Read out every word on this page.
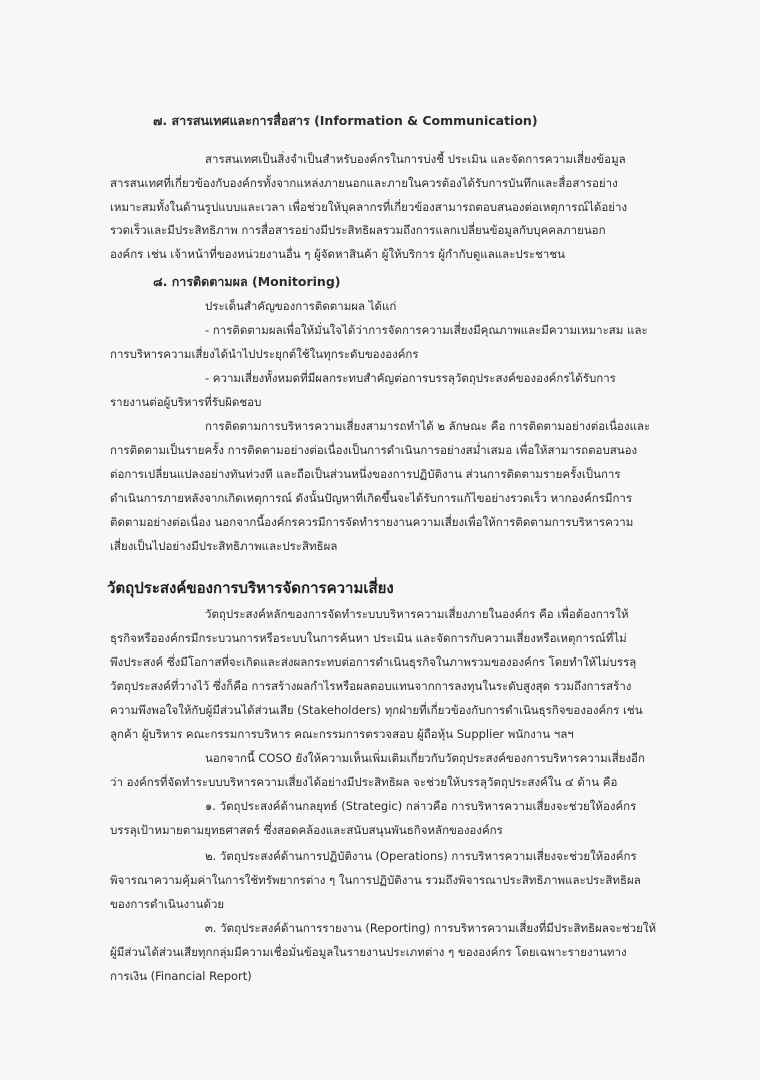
๗. สารสนเทศและการสื่อสาร (Information & Communication)
สารสนเทศเป็นสิ่งจำเป็นสำหรับองค์กรในการบ่งชี้ ประเมิน และจัดการความเสี่ยงข้อมูล
สารสนเทศที่เกี่ยวข้องกับองค์กรทั้งจากแหล่งภายนอกและภายในควรต้องได้รับการบันทึกและสื่อสารอย่าง
เหมาะสมทั้งในด้านรูปแบบและเวลา เพื่อช่วยให้บุคลากรที่เกี่ยวข้องสามารถตอบสนองต่อเหตุการณ์ได้อย่าง
รวดเร็วและมีประสิทธิภาพ การสื่อสารอย่างมีประสิทธิผลรวมถึงการแลกเปลี่ยนข้อมูลกับบุคคลภายนอก
องค์กร เช่น เจ้าหน้าที่ของหน่วยงานอื่น ๆ ผู้จัดหาสินค้า ผู้ให้บริการ ผู้กำกับดูแลและประชาชน
๘. การติดตามผล (Monitoring)
ประเด็นสำคัญของการติดตามผล ได้แก่
- การติดตามผลเพื่อให้มั่นใจได้ว่าการจัดการความเสี่ยงมีคุณภาพและมีความเหมาะสม และ
การบริหารความเสี่ยงได้นำไปประยุกต์ใช้ในทุกระดับขององค์กร
- ความเสี่ยงทั้งหมดที่มีผลกระทบสำคัญต่อการบรรลุวัตถุประสงค์ขององค์กรได้รับการ
รายงานต่อผู้บริหารที่รับผิดชอบ
การติดตามการบริหารความเสี่ยงสามารถทำได้ ๒ ลักษณะ คือ การติดตามอย่างต่อเนื่องและ
การติดตามเป็นรายครั้ง การติดตามอย่างต่อเนื่องเป็นการดำเนินการอย่างสม่ำเสมอ เพื่อให้สามารถตอบสนอง
ต่อการเปลี่ยนแปลงอย่างทันท่วงที และถือเป็นส่วนหนึ่งของการปฏิบัติงาน ส่วนการติดตามรายครั้งเป็นการ
ดำเนินการภายหลังจากเกิดเหตุการณ์ ดังนั้นปัญหาที่เกิดขึ้นจะได้รับการแก้ไขอย่างรวดเร็ว หากองค์กรมีการ
ติดตามอย่างต่อเนื่อง นอกจากนี้องค์กรควรมีการจัดทำรายงานความเสี่ยงเพื่อให้การติดตามการบริหารความ
เสี่ยงเป็นไปอย่างมีประสิทธิภาพและประสิทธิผล
วัตถุประสงค์ของการบริหารจัดการความเสี่ยง
วัตถุประสงค์หลักของการจัดทำระบบบริหารความเสี่ยงภายในองค์กร คือ เพื่อต้องการให้
ธุรกิจหรือองค์กรมีกระบวนการหรือระบบในการค้นหา ประเมิน และจัดการกับความเสี่ยงหรือเหตุการณ์ที่ไม่
พึงประสงค์ ซึ่งมีโอกาสที่จะเกิดและส่งผลกระทบต่อการดำเนินธุรกิจในภาพรวมขององค์กร โดยทำให้ไม่บรรลุ
วัตถุประสงค์ที่วางไว้ ซึ่งก็คือ การสร้างผลกำไรหรือผลตอบแทนจากการลงทุนในระดับสูงสุด รวมถึงการสร้าง
ความพึงพอใจให้กับผู้มีส่วนได้ส่วนเสีย (Stakeholders) ทุกฝ่ายที่เกี่ยวข้องกับการดำเนินธุรกิจขององค์กร เช่น
ลูกค้า ผู้บริหาร คณะกรรมการบริหาร คณะกรรมการตรวจสอบ ผู้ถือหุ้น Supplier พนักงาน ฯลฯ
นอกจากนี้ COSO ยังให้ความเห็นเพิ่มเติมเกี่ยวกับวัตถุประสงค์ของการบริหารความเสี่ยงอีก
ว่า องค์กรที่จัดทำระบบบริหารความเสี่ยงได้อย่างมีประสิทธิผล จะช่วยให้บรรลุวัตถุประสงค์ใน ๔ ด้าน คือ
๑. วัตถุประสงค์ด้านกลยุทธ์ (Strategic) กล่าวคือ การบริหารความเสี่ยงจะช่วยให้องค์กร
บรรลุเป้าหมายตามยุทธศาสตร์ ซึ่งสอดคล้องและสนับสนุนพันธกิจหลักขององค์กร
๒. วัตถุประสงค์ด้านการปฏิบัติงาน (Operations) การบริหารความเสี่ยงจะช่วยให้องค์กร
พิจารณาความคุ้มค่าในการใช้ทรัพยากรต่าง ๆ ในการปฏิบัติงาน รวมถึงพิจารณาประสิทธิภาพและประสิทธิผล
ของการดำเนินงานด้วย
๓. วัตถุประสงค์ด้านการรายงาน (Reporting) การบริหารความเสี่ยงที่มีประสิทธิผลจะช่วยให้
ผู้มีส่วนได้ส่วนเสียทุกกลุ่มมีความเชื่อมั่นข้อมูลในรายงานประเภทต่าง ๆ ขององค์กร โดยเฉพาะรายงานทาง
การเงิน (Financial Report)
